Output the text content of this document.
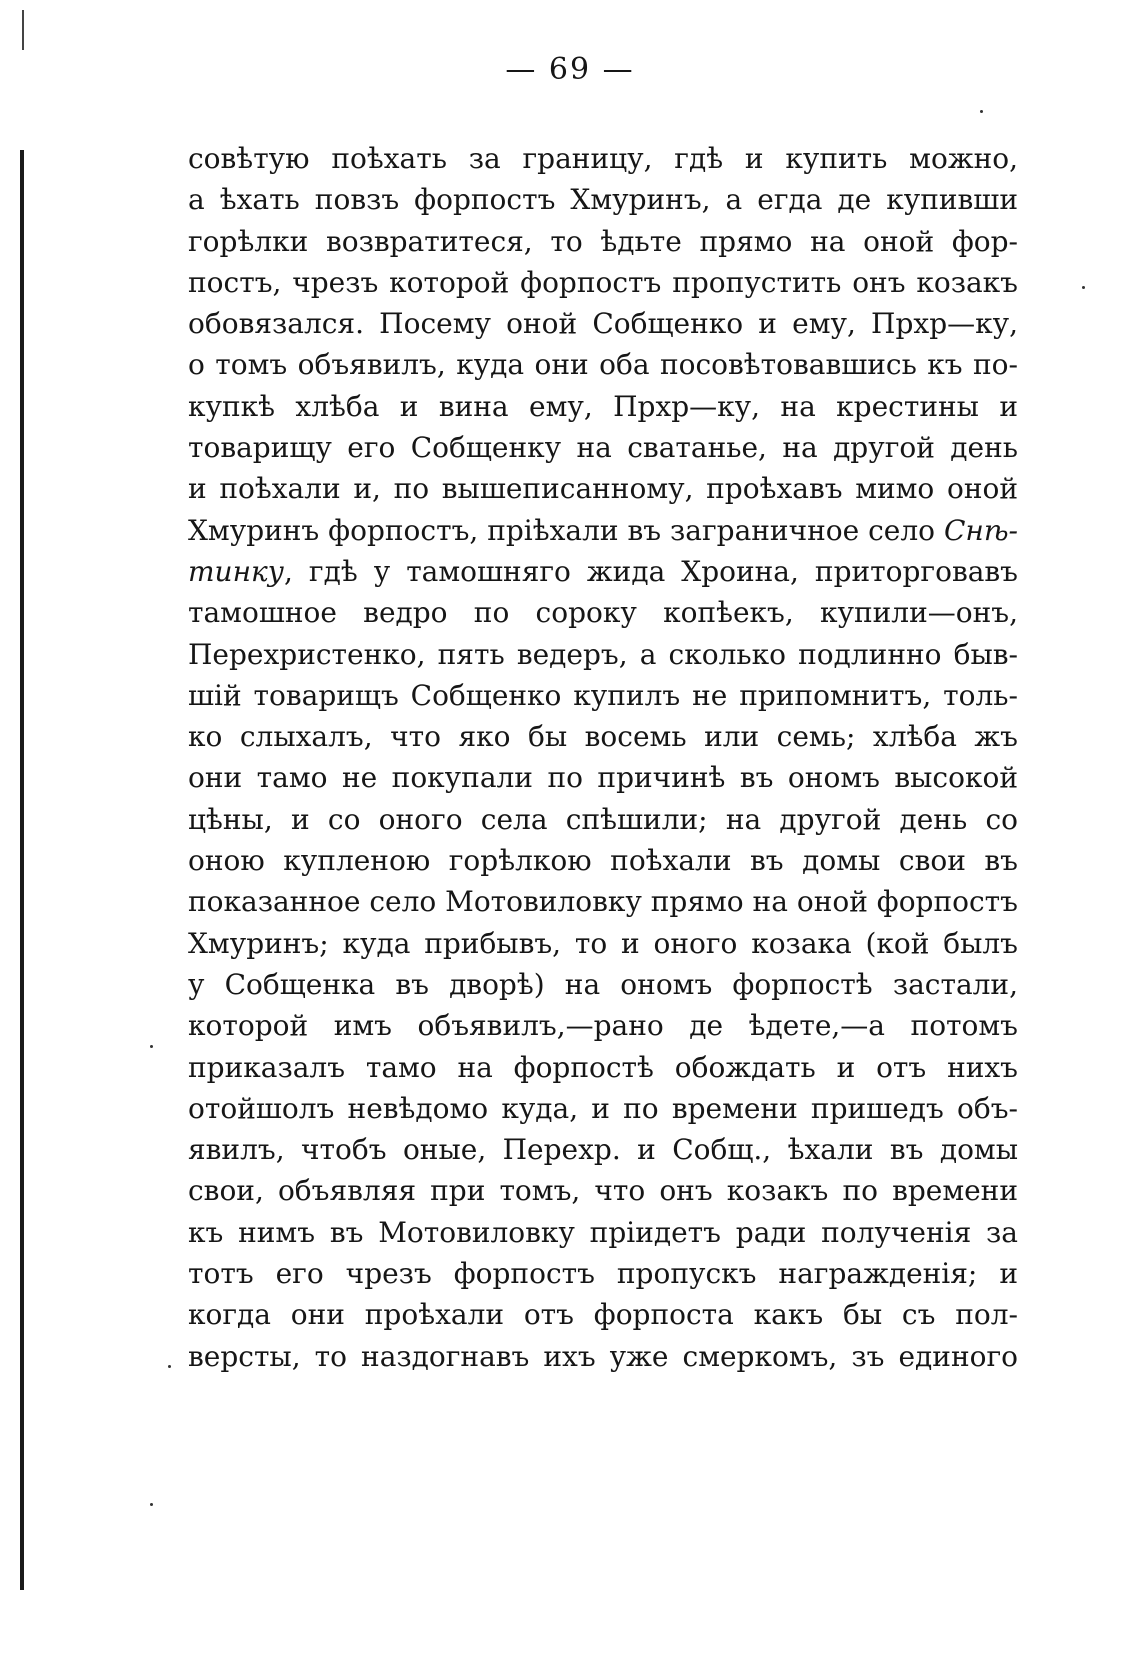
— 69 —
совѣтую поѣхать за границу, гдѣ и купить можно,
а ѣхать повзъ форпостъ Хмуринъ, а егда де купивши
горѣлки возвратитеся, то ѣдьте прямо на оной фор-
постъ, чрезъ которой форпостъ пропустить онъ козакъ
обовязался. Посему оной Собщенко и ему, Прхр—ку,
о томъ объявилъ, куда они оба посовѣтовавшись къ по-
купкѣ хлѣба и вина ему, Прхр—ку, на крестины и
товарищу его Собщенку на сватанье, на другой день
и поѣхали и, по вышеписанному, проѣхавъ мимо оной
Хмуринъ форпостъ, пріѣхали въ заграничное село Снѣ-
тинку, гдѣ у тамошняго жида Хроина, приторговавъ
тамошное ведро по сороку копѣекъ, купили—онъ,
Перехристенко, пять ведеръ, а сколько подлинно быв-
шій товарищъ Собщенко купилъ не припомнитъ, толь-
ко слыхалъ, что яко бы восемь или семь; хлѣба жъ
они тамо не покупали по причинѣ въ ономъ высокой
цѣны, и со оного села спѣшили; на другой день со
оною купленою горѣлкою поѣхали въ домы свои въ
показанное село Мотовиловку прямо на оной форпостъ
Хмуринъ; куда прибывъ, то и оного козака (кой былъ
у Собщенка въ дворѣ) на ономъ форпостѣ застали,
которой имъ объявилъ,—рано де ѣдете,—а потомъ
приказалъ тамо на форпостѣ обождать и отъ нихъ
отойшолъ невѣдомо куда, и по времени пришедъ объ-
явилъ, чтобъ оные, Перехр. и Собщ., ѣхали въ домы
свои, объявляя при томъ, что онъ козакъ по времени
къ нимъ въ Мотовиловку пріидетъ ради полученія за
тотъ его чрезъ форпостъ пропускъ награжденія; и
когда они проѣхали отъ форпоста какъ бы съ пол-
версты, то наздогнавъ ихъ уже смеркомъ, зъ единого
